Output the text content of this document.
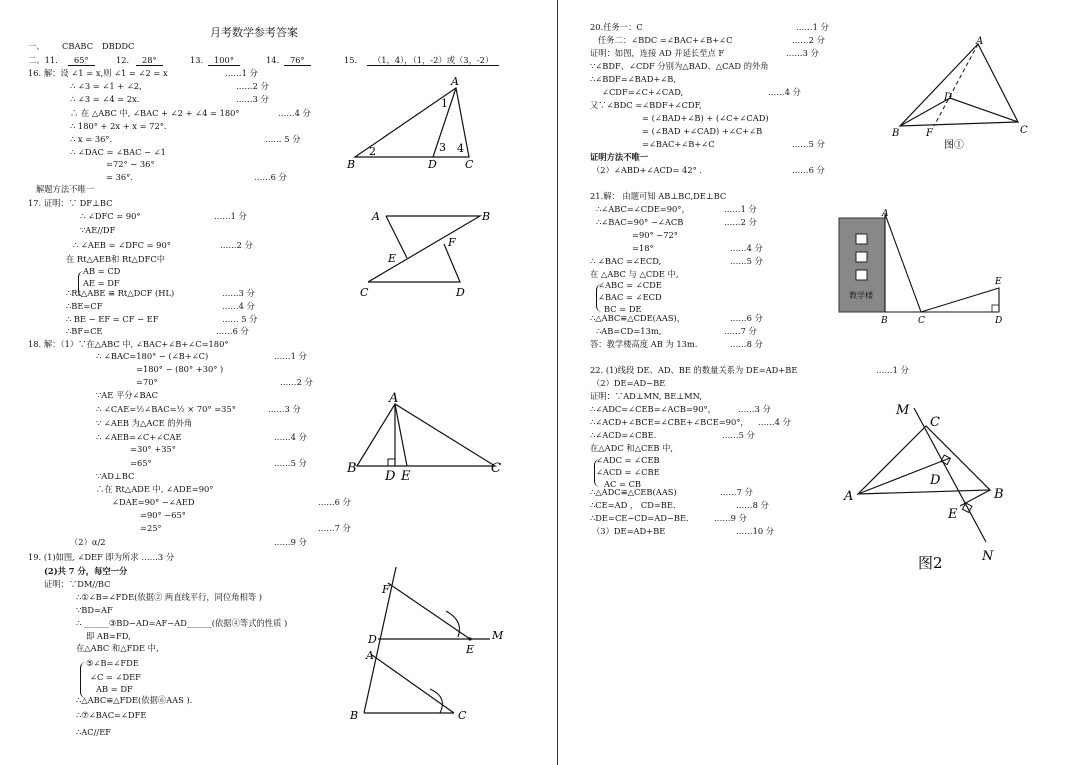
月考数学参考答案
一、 CBABC DBDDC
二、11.	65°	12.	28°	13.	100°	14.	76°	15.	（1，4），（1，-2）或（3，-2）
16. 解：设 ∠1 = x,则 ∠1 = ∠2 = x	……1 分
∴ ∠3 = ∠1 + ∠2,	……2 分
∴ ∠3 = ∠4 = 2x.	……3 分
∴ 在 △ABC 中, ∠BAC + ∠2 + ∠4 = 180°	……4 分
∴ 180° + 2x + x = 72°.
∴ x = 36°.	…… 5 分
∴ ∠DAC = ∠BAC − ∠1
=72° − 36°
= 36°.	……6 分
解题方法不唯一
17. 证明：∵ DF⊥BC
∴ ∠DFC = 90°	……1 分
∵AE//DF
∴ ∠AEB = ∠DFC = 90°	……2 分
在 Rt△AEB和 Rt△DFC中
AB = CD
AE = DF
∴Rt△ABE ≌ Rt△DCF (HL)	……3 分
∴BE=CF	……4 分
∴ BE − EF = CF − EF	…… 5 分
∴BF=CE	……6 分
18. 解：（1）∵在△ABC 中, ∠BAC+∠B+∠C=180°
∴ ∠BAC=180° − (∠B+∠C)	……1 分
=180° − (80° +30° )
=70°	……2 分
∵AE 平分∠BAC
∴ ∠CAE=½∠BAC=½ × 70° =35°	……3 分
∵ ∠AEB 为△ACE 的外角
∴ ∠AEB=∠C+∠CAE	……4 分
=30° +35°
=65°	……5 分
∵AD⊥BC
∴在 Rt△ADE 中, ∠ADE=90°
∠DAE=90° −∠AED
=90° −65°
=25°
……6 分
……7 分
（2）α/2	……9 分
19. (1)如图, ∠DEF 即为所求 ……3 分
(2)共 7 分，每空一分
证明：∵DM//BC
∴①∠B=∠FDE(依据② 两直线平行，同位角相等 )
∵BD=AF
∴ ______③BD−AD=AF−AD______(依据④等式的性质 )
即 AB=FD,
在△ABC 和△FDE 中,
⑤∠B=∠FDE
∠C = ∠DEF
AB = DF
∴△ABC≌△FDE(依据⑥AAS ).
∴⑦∠BAC=∠DFE
∴AC//EF
A
B	C
D
1
2	3 4
A	B
C	D
E
F
A
B	C
D E
F
D	M
E
A
B	C
20.任务一：C	……1 分
任务二：∠BDC =∠BAC+∠B+∠C	……2 分
证明：如图，连接 AD 并延长至点 F	……3 分
∵∠BDF、∠CDF 分别为△BAD、△CAD 的外角
∴∠BDF=∠BAD+∠B,
∠CDF=∠C+∠CAD,	……4 分
又∵∠BDC =∠BDF+∠CDF,
= (∠BAD+∠B) + (∠C+∠CAD)
= (∠BAD +∠CAD) +∠C+∠B
=∠BAC+∠B+∠C	……5 分
证明方法不唯一
（2）∠ABD+∠ACD= 42° .	……6 分
21.解： 由题可知 AB⊥BC,DE⊥BC
∴∠ABC=∠CDE=90°，	……1 分
∴∠BAC=90° −∠ACB	……2 分
=90° −72°
=18°	……4 分
∴ ∠BAC =∠ECD,	……5 分
在 △ABC 与 △CDE 中,
∠ABC = ∠CDE
∠BAC = ∠ECD
BC = DE
∴△ABC≌△CDE(AAS)，	……6 分
∴AB=CD=13m,	……7 分
答：教学楼高度 AB 为 13m.	……8 分
22. (1)线段 DE、AD、BE 的数量关系为 DE=AD+BE	……1 分
（2）DE=AD−BE
证明：∵AD⊥MN, BE⊥MN,
∴∠ADC=∠CEB=∠ACB=90°，	……3 分
∴∠ACD+∠BCE=∠CBE+∠BCE=90°， ……4 分
∴∠ACD=∠CBE.	……5 分
在△ADC 和△CEB 中,
∠ADC = ∠CEB
∠ACD = ∠CBE
AC = CB
∴△ADC≌△CEB(AAS)	……7 分
∴CE=AD ， CD=BE.	……8 分
∴DE=CE−CD=AD−BE.	……9 分
（3）DE=AD+BE	……10 分
A
B	C
D
F
图①
教学楼
A
B	C	D
E
M
C
A
D
B
E
N
图2
